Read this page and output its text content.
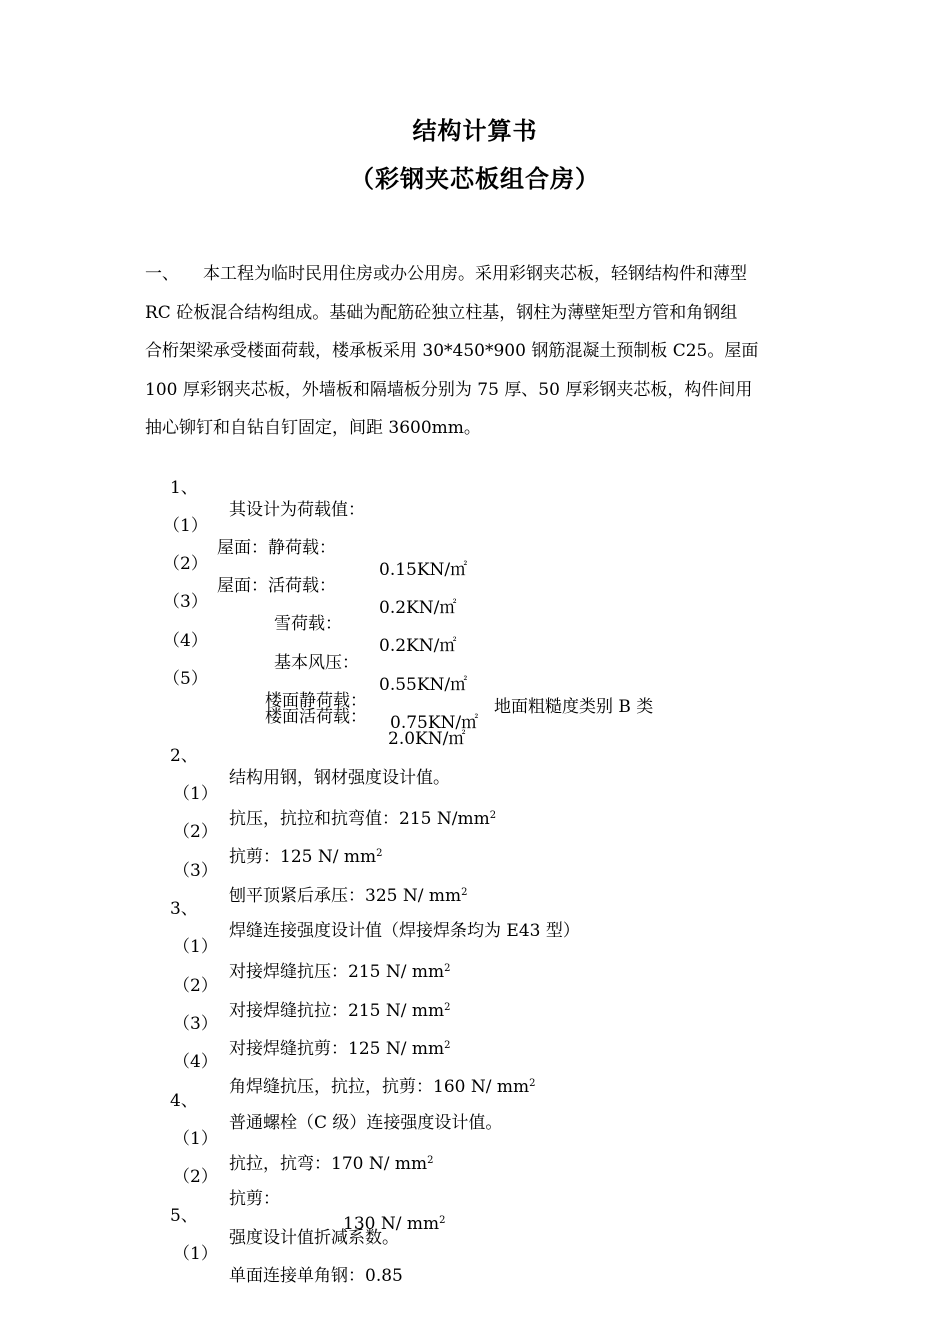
结构计算书
（彩钢夹芯板组合房）
一、 本工程为临时民用住房或办公用房。采用彩钢夹芯板，轻钢结构件和薄型
RC 砼板混合结构组成。基础为配筋砼独立柱基，钢柱为薄壁矩型方管和角钢组
合桁架梁承受楼面荷载，楼承板采用 30*450*900 钢筋混凝土预制板 C25。屋面
100 厚彩钢夹芯板，外墙板和隔墙板分别为 75 厚、50 厚彩钢夹芯板，构件间用
抽心铆钉和自钻自钉固定，间距 3600mm。

1、

其设计为荷载值：

（1）

屋面：静荷载：

0.15KN/㎡

（2）

屋面：活荷载：

0.2KN/㎡

（3）

雪荷载：

0.2KN/㎡

（4）

基本风压：

0.55KN/㎡

地面粗糙度类别 B 类

（5）

楼面静荷载：

0.75KN/㎡

楼面活荷载：

2.0KN/㎡

2、

结构用钢，钢材强度设计值。

（1）

抗压，抗拉和抗弯值：215 $N/mm^2$

（2）

抗剪：125 N/ $mm^2$

（3）

刨平顶紧后承压：325 N/ $mm^2$

3、

焊缝连接强度设计值（焊接焊条均为 E43 型）

（1）

对接焊缝抗压：215 N/ $mm^2$

（2）

对接焊缝抗拉：215 N/ $mm^2$

（3）

对接焊缝抗剪：125 N/ $mm^2$

（4）

角焊缝抗压，抗拉，抗剪：160 N/ $mm^2$

4、

普通螺栓（C 级）连接强度设计值。

（1）

抗拉，抗弯：170 N/ $mm^2$

（2）

抗剪：

130 N/ $mm^2$

5、

强度设计值折减系数。

（1）

单面连接单角钢：0.85
